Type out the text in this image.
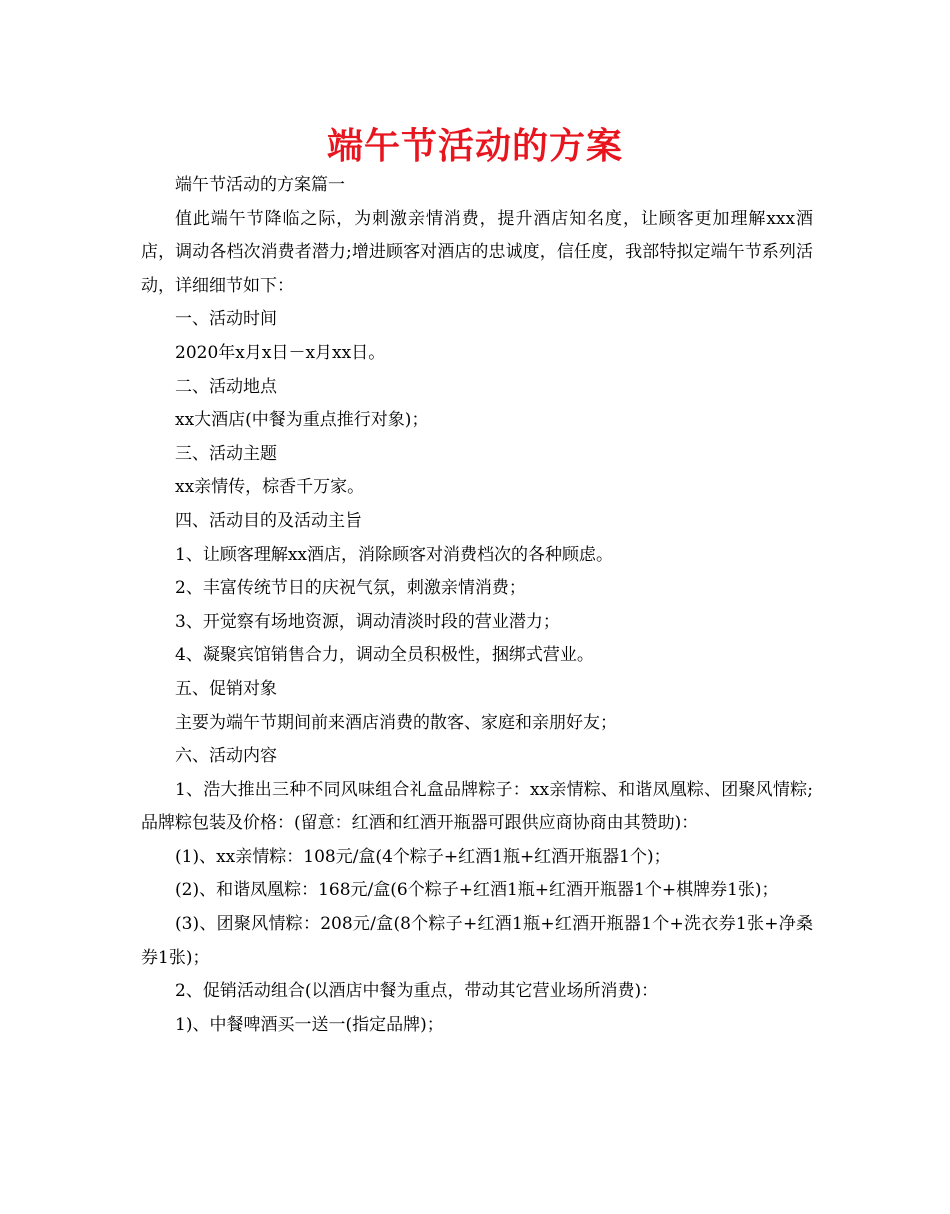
端午节活动的方案

端午节活动的方案篇一

值此端午节降临之际，为刺激亲情消费，提升酒店知名度，让顾客更加理解xxx酒店，调动各档次消费者潜力;增进顾客对酒店的忠诚度，信任度，我部特拟定端午节系列活动，详细细节如下：

一、活动时间

2020年x月x日－x月xx日。

二、活动地点

xx大酒店(中餐为重点推行对象)；

三、活动主题

xx亲情传，棕香千万家。

四、活动目的及活动主旨

1、让顾客理解xx酒店，消除顾客对消费档次的各种顾虑。

2、丰富传统节日的庆祝气氛，刺激亲情消费；

3、开觉察有场地资源，调动清淡时段的营业潜力；

4、凝聚宾馆销售合力，调动全员积极性，捆绑式营业。

五、促销对象

主要为端午节期间前来酒店消费的散客、家庭和亲朋好友；

六、活动内容

1、浩大推出三种不同风味组合礼盒品牌粽子：xx亲情粽、和谐凤凰粽、团聚风情粽;品牌粽包装及价格：(留意：红酒和红酒开瓶器可跟供应商协商由其赞助)：

(1)、xx亲情粽：108元/盒(4个粽子+红酒1瓶+红酒开瓶器1个)；

(2)、和谐凤凰粽：168元/盒(6个粽子+红酒1瓶+红酒开瓶器1个+棋牌券1张)；

(3)、团聚风情粽：208元/盒(8个粽子+红酒1瓶+红酒开瓶器1个+洗衣券1张+净桑券1张)；

2、促销活动组合(以酒店中餐为重点，带动其它营业场所消费)：

1)、中餐啤酒买一送一(指定品牌)；
